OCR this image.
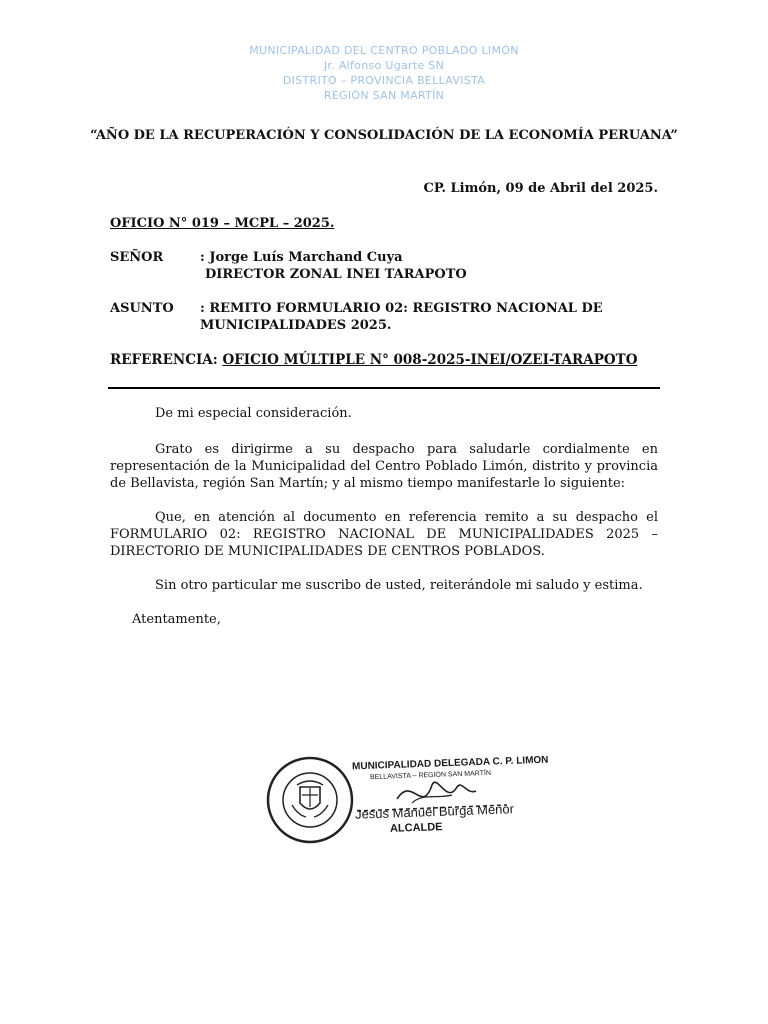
MUNICIPALIDAD DEL CENTRO POBLADO LIMÓN
Jr. Alfonso Ugarte SN
DISTRITO – PROVINCIA BELLAVISTA
REGIÓN SAN MARTÍN
“AÑO DE LA RECUPERACIÓN Y CONSOLIDACIÓN DE LA ECONOMÍA PERUANA”
CP. Limón, 09 de Abril del 2025.
OFICIO N° 019 – MCPL – 2025.
SEÑOR	: Jorge Luís Marchand Cuya
DIRECTOR ZONAL INEI TARAPOTO
ASUNTO : REMITO FORMULARIO 02: REGISTRO NACIONAL DE
MUNICIPALIDADES 2025.
REFERENCIA: OFICIO MÚLTIPLE N° 008-2025-INEI/OZEI-TARAPOTO
De mi especial consideración.
Grato es dirigirme a su despacho para saludarle cordialmente en representación de la Municipalidad del Centro Poblado Limón, distrito y provincia de Bellavista, región San Martín; y al mismo tiempo manifestarle lo siguiente:
Que, en atención al documento en referencia remito a su despacho el FORMULARIO 02: REGISTRO NACIONAL DE MUNICIPALIDADES 2025 – DIRECTORIO DE MUNICIPALIDADES DE CENTROS POBLADOS.
Sin otro particular me suscribo de usted, reiterándole mi saludo y estima.
Atentamente,
MUNICIPALIDAD DELEGADA C. P. LIMON
BELLAVISTA – REGIÓN SAN MARTÍN
Jesus Manuel Burga Menor
ALCALDE
